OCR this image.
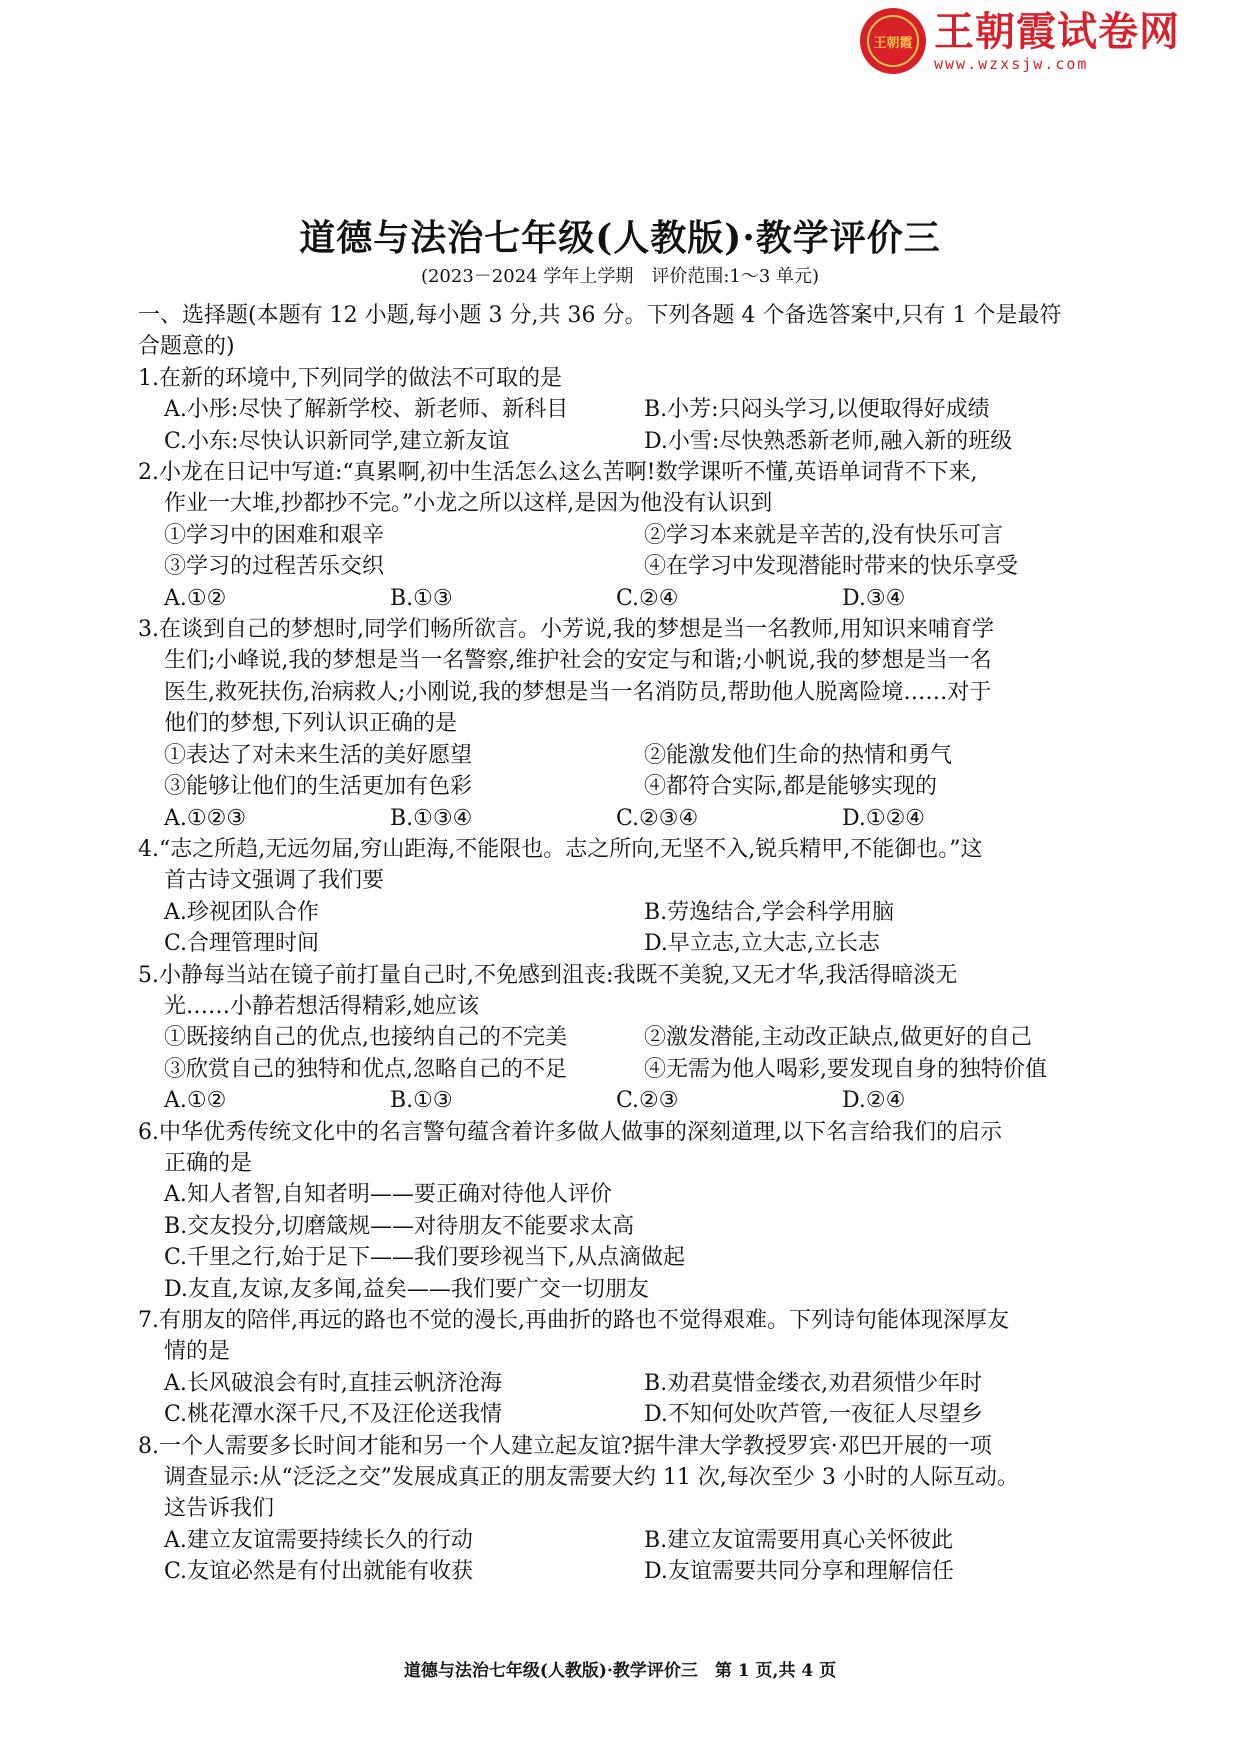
王朝霞 王朝霞试卷网
www.wzxsjw.com
道德与法治七年级(人教版)·教学评价三
(2023－2024 学年上学期　评价范围:1～3 单元)
一、选择题(本题有 12 小题,每小题 3 分,共 36 分。下列各题 4 个备选答案中,只有 1 个是最符
合题意的)
1.在新的环境中,下列同学的做法不可取的是
A.小彤:尽快了解新学校、新老师、新科目	B.小芳:只闷头学习,以便取得好成绩
C.小东:尽快认识新同学,建立新友谊	D.小雪:尽快熟悉新老师,融入新的班级
2.小龙在日记中写道:“真累啊,初中生活怎么这么苦啊!数学课听不懂,英语单词背不下来,
作业一大堆,抄都抄不完。”小龙之所以这样,是因为他没有认识到
①学习中的困难和艰辛	②学习本来就是辛苦的,没有快乐可言
③学习的过程苦乐交织	④在学习中发现潜能时带来的快乐享受
A.①②	B.①③	C.②④	D.③④
3.在谈到自己的梦想时,同学们畅所欲言。小芳说,我的梦想是当一名教师,用知识来哺育学
生们;小峰说,我的梦想是当一名警察,维护社会的安定与和谐;小帆说,我的梦想是当一名
医生,救死扶伤,治病救人;小刚说,我的梦想是当一名消防员,帮助他人脱离险境……对于
他们的梦想,下列认识正确的是
①表达了对未来生活的美好愿望	②能激发他们生命的热情和勇气
③能够让他们的生活更加有色彩	④都符合实际,都是能够实现的
A.①②③	B.①③④	C.②③④	D.①②④
4.“志之所趋,无远勿届,穷山距海,不能限也。志之所向,无坚不入,锐兵精甲,不能御也。”这
首古诗文强调了我们要
A.珍视团队合作	B.劳逸结合,学会科学用脑
C.合理管理时间	D.早立志,立大志,立长志
5.小静每当站在镜子前打量自己时,不免感到沮丧:我既不美貌,又无才华,我活得暗淡无
光……小静若想活得精彩,她应该
①既接纳自己的优点,也接纳自己的不完美	②激发潜能,主动改正缺点,做更好的自己
③欣赏自己的独特和优点,忽略自己的不足	④无需为他人喝彩,要发现自身的独特价值
A.①②	B.①③	C.②③	D.②④
6.中华优秀传统文化中的名言警句蕴含着许多做人做事的深刻道理,以下名言给我们的启示
正确的是
A.知人者智,自知者明——要正确对待他人评价
B.交友投分,切磨箴规——对待朋友不能要求太高
C.千里之行,始于足下——我们要珍视当下,从点滴做起
D.友直,友谅,友多闻,益矣——我们要广交一切朋友
7.有朋友的陪伴,再远的路也不觉的漫长,再曲折的路也不觉得艰难。下列诗句能体现深厚友
情的是
A.长风破浪会有时,直挂云帆济沧海	B.劝君莫惜金缕衣,劝君须惜少年时
C.桃花潭水深千尺,不及汪伦送我情	D.不知何处吹芦管,一夜征人尽望乡
8.一个人需要多长时间才能和另一个人建立起友谊?据牛津大学教授罗宾·邓巴开展的一项
调查显示:从“泛泛之交”发展成真正的朋友需要大约 11 次,每次至少 3 小时的人际互动。
这告诉我们
A.建立友谊需要持续长久的行动	B.建立友谊需要用真心关怀彼此
C.友谊必然是有付出就能有收获	D.友谊需要共同分享和理解信任
道德与法治七年级(人教版)·教学评价三　第 1 页,共 4 页
